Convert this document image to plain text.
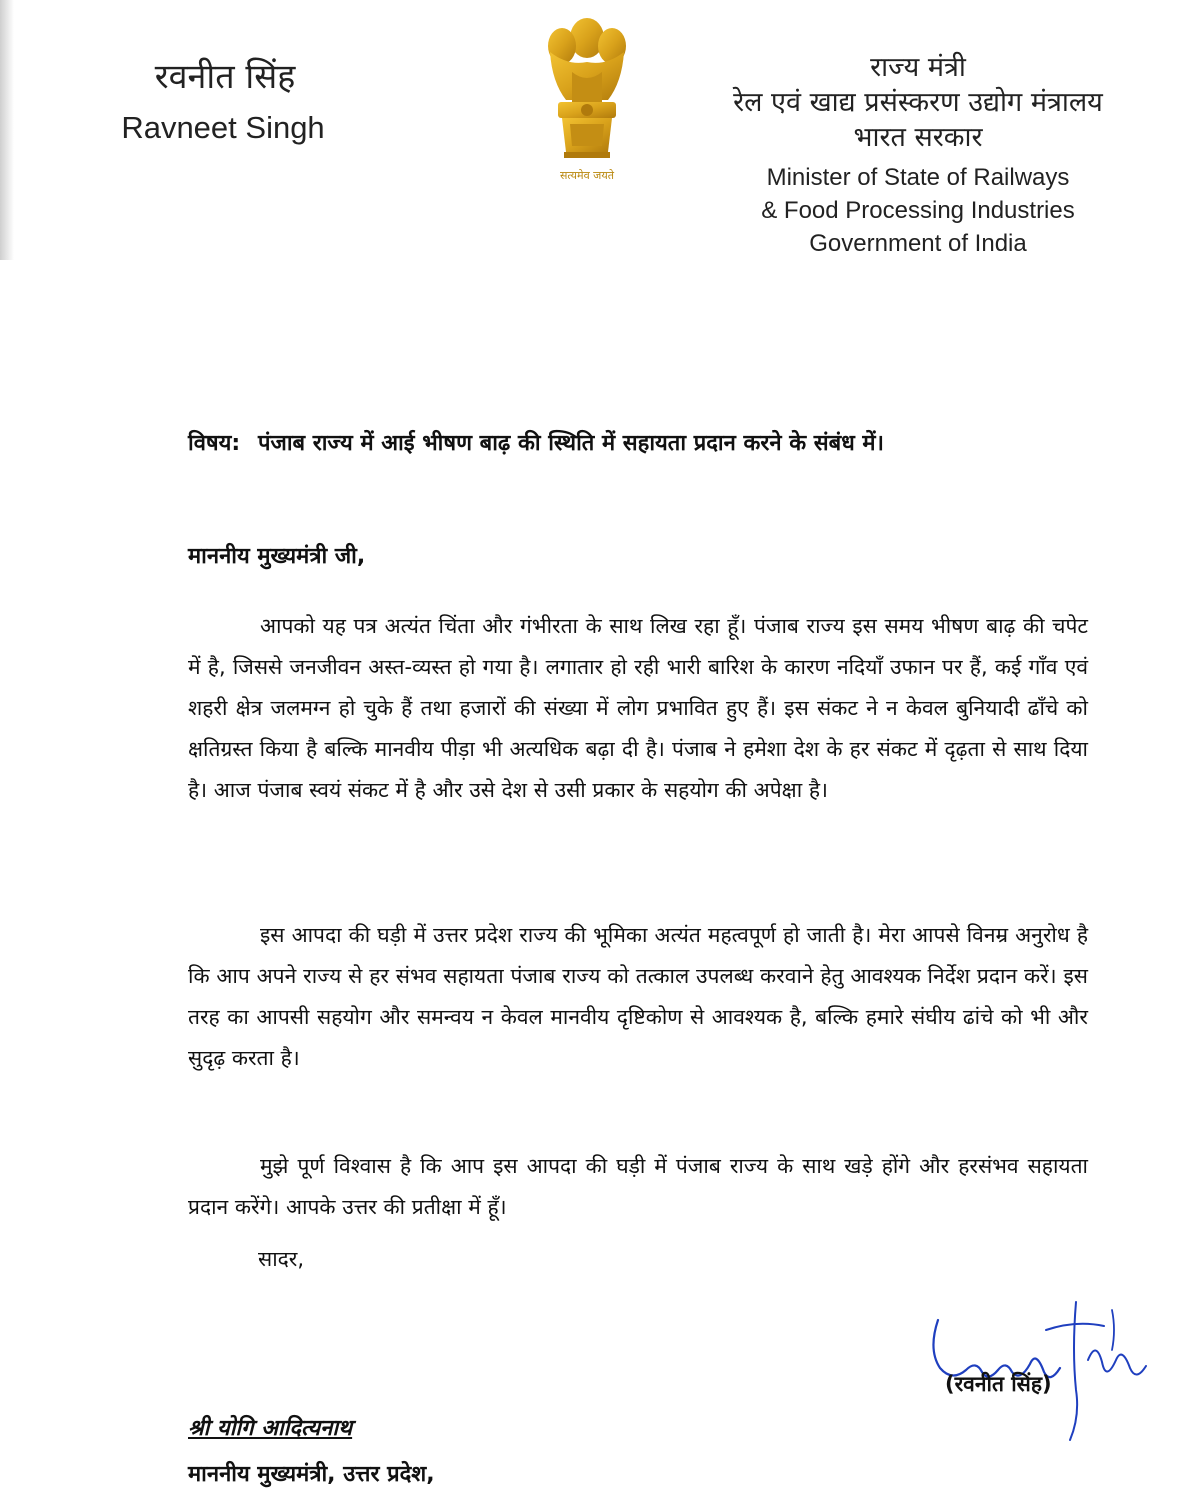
रवनीत सिंह
Ravneet Singh
सत्यमेव जयते
राज्य मंत्री
रेल एवं खाद्य प्रसंस्करण उद्योग मंत्रालय
भारत सरकार
Minister of State of Railways
& Food Processing Industries
Government of India
विषय: पंजाब राज्य में आई भीषण बाढ़ की स्थिति में सहायता प्रदान करने के संबंध में।
माननीय मुख्यमंत्री जी,

आपको यह पत्र अत्यंत चिंता और गंभीरता के साथ लिख रहा हूँ। पंजाब राज्य इस समय भीषण बाढ़ की चपेट में है, जिससे जनजीवन अस्त-व्यस्त हो गया है। लगातार हो रही भारी बारिश के कारण नदियाँ उफान पर हैं, कई गाँव एवं शहरी क्षेत्र जलमग्न हो चुके हैं तथा हजारों की संख्या में लोग प्रभावित हुए हैं। इस संकट ने न केवल बुनियादी ढाँचे को क्षतिग्रस्त किया है बल्कि मानवीय पीड़ा भी अत्यधिक बढ़ा दी है। पंजाब ने हमेशा देश के हर संकट में दृढ़ता से साथ दिया है। आज पंजाब स्वयं संकट में है और उसे देश से उसी प्रकार के सहयोग की अपेक्षा है।

इस आपदा की घड़ी में उत्तर प्रदेश राज्य की भूमिका अत्यंत महत्वपूर्ण हो जाती है। मेरा आपसे विनम्र अनुरोध है कि आप अपने राज्य से हर संभव सहायता पंजाब राज्य को तत्काल उपलब्ध करवाने हेतु आवश्यक निर्देश प्रदान करें। इस तरह का आपसी सहयोग और समन्वय न केवल मानवीय दृष्टिकोण से आवश्यक है, बल्कि हमारे संघीय ढांचे को भी और सुदृढ़ करता है।

मुझे पूर्ण विश्वास है कि आप इस आपदा की घड़ी में पंजाब राज्य के साथ खड़े होंगे और हरसंभव सहायता प्रदान करेंगे। आपके उत्तर की प्रतीक्षा में हूँ।

सादर,
(रवनीत सिंह)
श्री योगि आदित्यनाथ
माननीय मुख्यमंत्री, उत्तर प्रदेश,
